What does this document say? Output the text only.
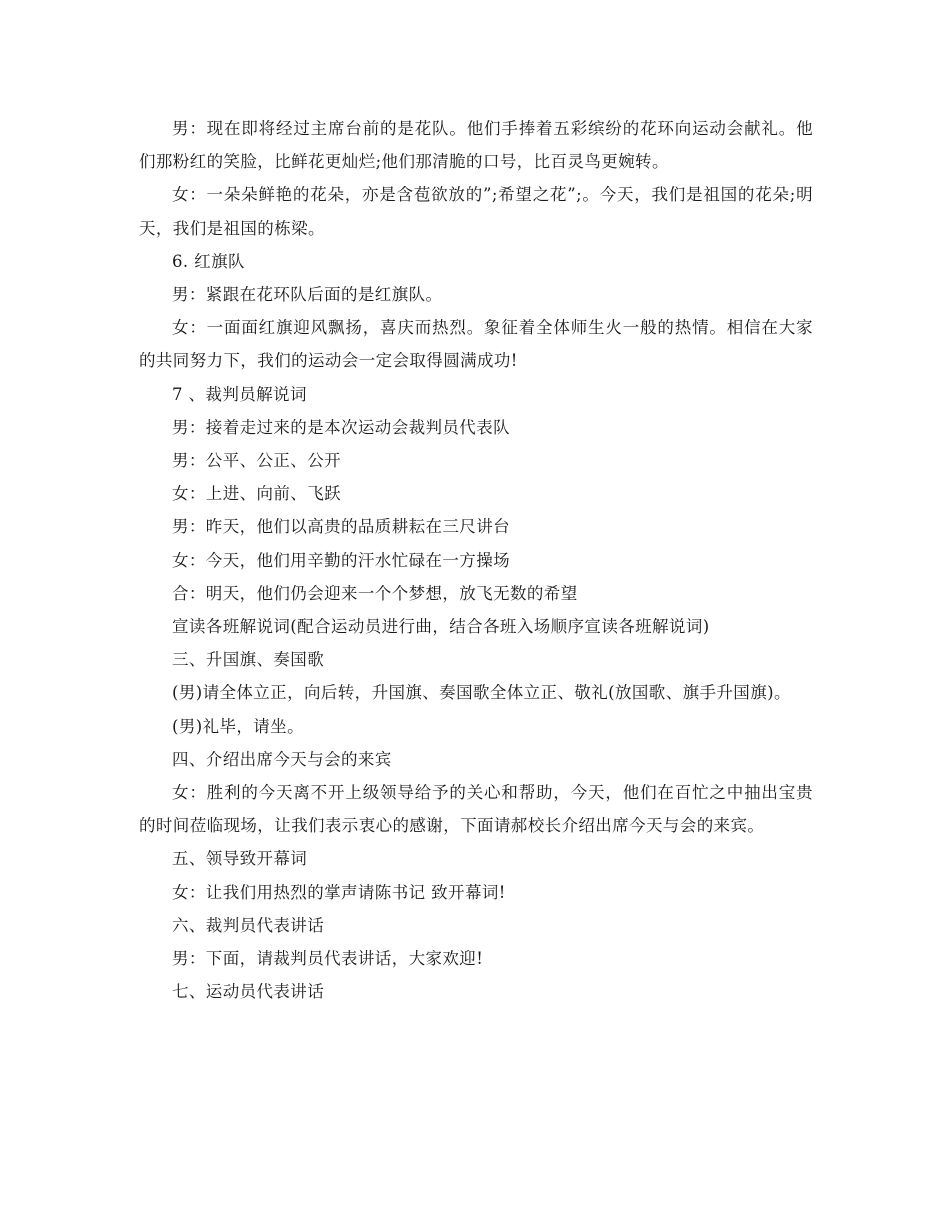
男：现在即将经过主席台前的是花队。他们手捧着五彩缤纷的花环向运动会献礼。他们那粉红的笑脸，比鲜花更灿烂;他们那清脆的口号，比百灵鸟更婉转。

女：一朵朵鲜艳的花朵，亦是含苞欲放的”;希望之花”;。今天，我们是祖国的花朵;明天，我们是祖国的栋梁。

6. 红旗队

男：紧跟在花环队后面的是红旗队。

女：一面面红旗迎风飘扬，喜庆而热烈。象征着全体师生火一般的热情。相信在大家的共同努力下，我们的运动会一定会取得圆满成功!

7 、裁判员解说词

男：接着走过来的是本次运动会裁判员代表队

男：公平、公正、公开

女：上进、向前、飞跃

男：昨天，他们以高贵的品质耕耘在三尺讲台

女：今天，他们用辛勤的汗水忙碌在一方操场

合：明天，他们仍会迎来一个个梦想，放飞无数的希望

宣读各班解说词(配合运动员进行曲，结合各班入场顺序宣读各班解说词)

三、升国旗、奏国歌

(男)请全体立正，向后转，升国旗、奏国歌全体立正、敬礼(放国歌、旗手升国旗)。

(男)礼毕，请坐。

四、介绍出席今天与会的来宾

女：胜利的今天离不开上级领导给予的关心和帮助，今天，他们在百忙之中抽出宝贵的时间莅临现场，让我们表示衷心的感谢，下面请郝校长介绍出席今天与会的来宾。

五、领导致开幕词

女：让我们用热烈的掌声请陈书记 致开幕词!

六、裁判员代表讲话

男：下面，请裁判员代表讲话，大家欢迎!

七、运动员代表讲话
